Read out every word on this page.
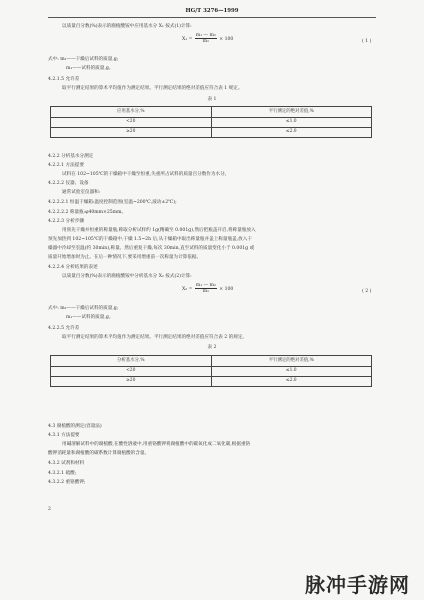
HG/T 3276—1999
以质量百分数(%)表示的腐植酸铵中应用基水分 X₁ 按式(1)计算:
$X_1 = \frac{\text{m₁ — m₂}}{\text{m₁}} \times 100$	( 1 )
式中: m₂——干燥后试料的质量,g;
m₁——试料的质量,g。
4.2.1.5 允许差
取平行测定结果的算术平均值作为测定结果。平行测定结果的绝对差值应符合表 1 规定。
表 1
应用基水分,%	平行测定的绝对差值,%
<20	≤1.0
≥20	≤2.0
4.2.2 分析基水分测定
4.2.2.1 方法提要
试料在 102~105℃的干燥箱中干燥至恒重,失重所占试料的质量百分数作为水分。
4.2.2.2 仪器、设备
通常试验室仪器和:
4.2.2.2.1 恒温干燥箱:温度控制范围(室温~200℃,波动±2℃);
4.2.2.2.2 称量瓶:φ40mm×25mm。
4.2.2.3 分析步骤
用预先干燥并恒重的称量瓶,称取分析试样约 1g(精确至 0.001g),然后把瓶盖开启,将称量瓶放入
预先加热到 102~105℃的干燥箱中,干燥 1.5~2h 后,从干燥箱中取出称量瓶并盖上称量瓶盖,放入干
燥器中冷却至室温(约 30min),称量。然后重复干燥,每次 30min,直至试料的质量变化小于 0.001g 或
质量开始增加时为止。在后一种情况下,要采用增重前一次称量为计算依据。
4.2.2.4 分析结果的表述
以质量百分数(%)表示的腐植酸铵中分析基水分 X₂ 按式(2)计算:
$X_2 = \frac{\text{m₁ — m₂}}{\text{m₁}} \times 100$	( 2 )
式中: m₂——干燥后试料的质量,g;
m₁——试料的质量,g。
4.2.2.5 允许差
取平行测定结果的算术平均值作为测定结果。平行测定结果的绝对差值应符合表 2 的规定。
表 2
分析基水分,%	平行测定的绝对差值,%
<20	≤1.0
≥20	≤2.0
4.3 腐植酸的测定(容量法)
4.3.1 方法提要
用碱溶解试料中的腐植酸,在酸性溶液中,用重铬酸钾将腐植酸中的碳氧化成二氧化碳,根据重铬
酸钾消耗量和腐植酸的碳系数计算腐植酸的含量。
4.3.2 试剂和材料
4.3.2.1 硫酸;
4.3.2.2 重铬酸钾;
2
脉冲手游网
